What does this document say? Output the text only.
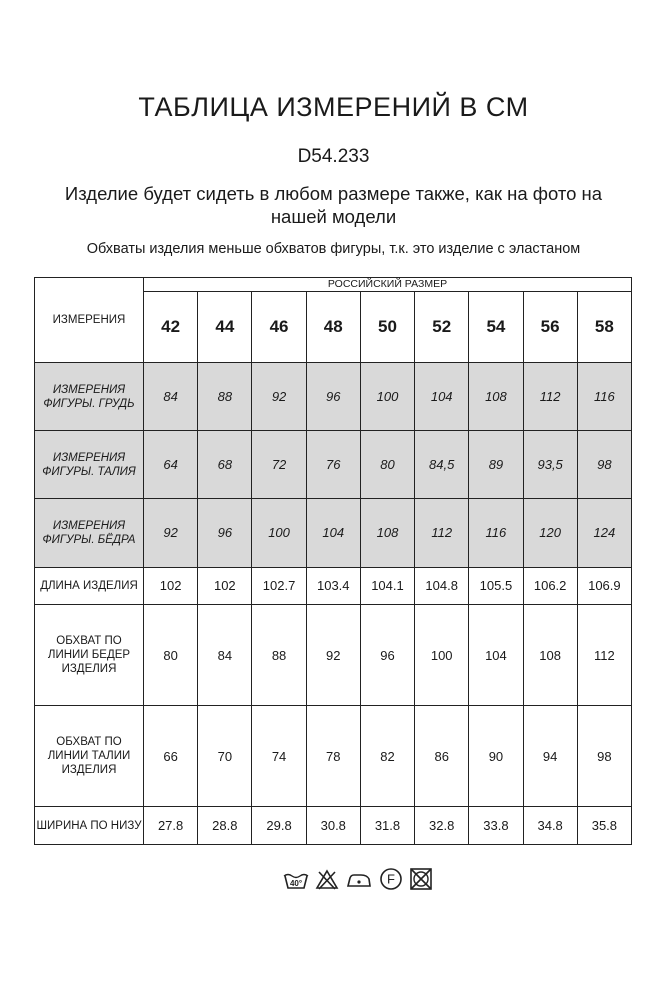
ТАБЛИЦА ИЗМЕРЕНИЙ В СМ
D54.233
Изделие будет сидеть в любом размере также, как на фото на нашей модели
Обхваты изделия меньше обхватов фигуры, т.к. это изделие с эластаном
ИЗМЕРЕНИЯ	РОССИЙСКИЙ РАЗМЕР								
	42	44	46	48	50	52	54	56	58
ИЗМЕРЕНИЯ ФИГУРЫ. ГРУДЬ	84	88	92	96	100	104	108	112	116
ИЗМЕРЕНИЯ ФИГУРЫ. ТАЛИЯ	64	68	72	76	80	84,5	89	93,5	98
ИЗМЕРЕНИЯ ФИГУРЫ. БЁДРА	92	96	100	104	108	112	116	120	124
ДЛИНА ИЗДЕЛИЯ	102	102	102.7	103.4	104.1	104.8	105.5	106.2	106.9
ОБХВАТ ПО ЛИНИИ БЕДЕР ИЗДЕЛИЯ	80	84	88	92	96	100	104	108	112
ОБХВАТ ПО ЛИНИИ ТАЛИИ ИЗДЕЛИЯ	66	70	74	78	82	86	90	94	98
ШИРИНА ПО НИЗУ	27.8	28.8	29.8	30.8	31.8	32.8	33.8	34.8	35.8
40°	F
